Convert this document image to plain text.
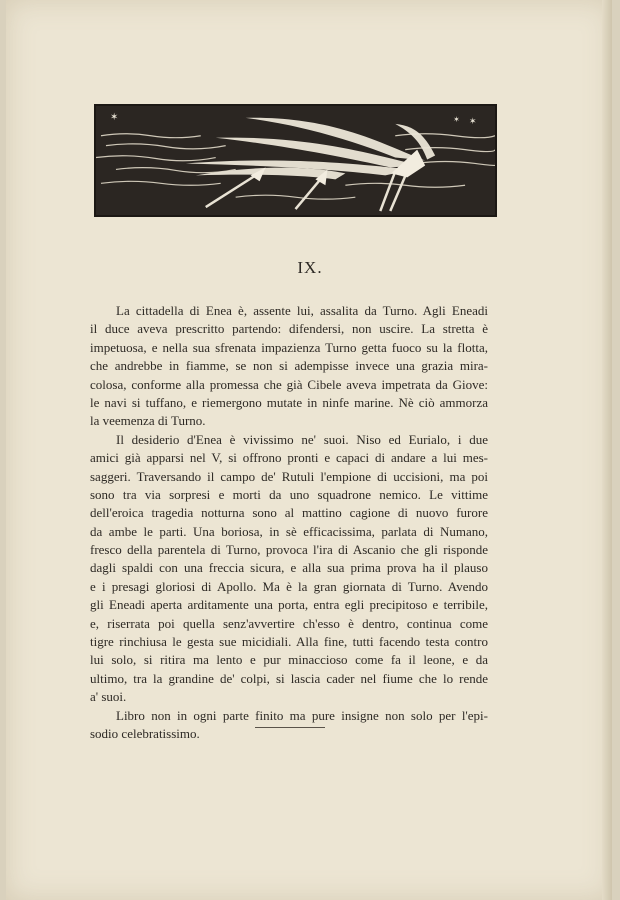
✶	✶ ✶
IX.
La cittadella di Enea è, assente lui, assalita da Turno. Agli Eneadi
il duce aveva prescritto partendo: difendersi, non uscire. La stretta è
impetuosa, e nella sua sfrenata impazienza Turno getta fuoco su la flotta,
che andrebbe in fiamme, se non si adempisse invece una grazia mira-
colosa, conforme alla promessa che già Cibele aveva impetrata da Giove:
le navi si tuffano, e riemergono mutate in ninfe marine. Nè ciò ammorza
la veemenza di Turno.
Il desiderio d'Enea è vivissimo ne' suoi. Niso ed Eurialo, i due
amici già apparsi nel V, si offrono pronti e capaci di andare a lui mes-
saggeri. Traversando il campo de' Rutuli l'empione di uccisioni, ma poi
sono tra via sorpresi e morti da uno squadrone nemico. Le vittime
dell'eroica tragedia notturna sono al mattino cagione di nuovo furore
da ambe le parti. Una boriosa, in sè efficacissima, parlata di Numano,
fresco della parentela di Turno, provoca l'ira di Ascanio che gli risponde
dagli spaldi con una freccia sicura, e alla sua prima prova ha il plauso
e i presagi gloriosi di Apollo. Ma è la gran giornata di Turno. Avendo
gli Eneadi aperta arditamente una porta, entra egli precipitoso e terribile,
e, riserrata poi quella senz'avvertire ch'esso è dentro, continua come
tigre rinchiusa le gesta sue micidiali. Alla fine, tutti facendo testa contro
lui solo, si ritira ma lento e pur minaccioso come fa il leone, e da
ultimo, tra la grandine de' colpi, si lascia cader nel fiume che lo rende
a' suoi.
Libro non in ogni parte finito ma pure insigne non solo per l'epi-
sodio celebratissimo.
